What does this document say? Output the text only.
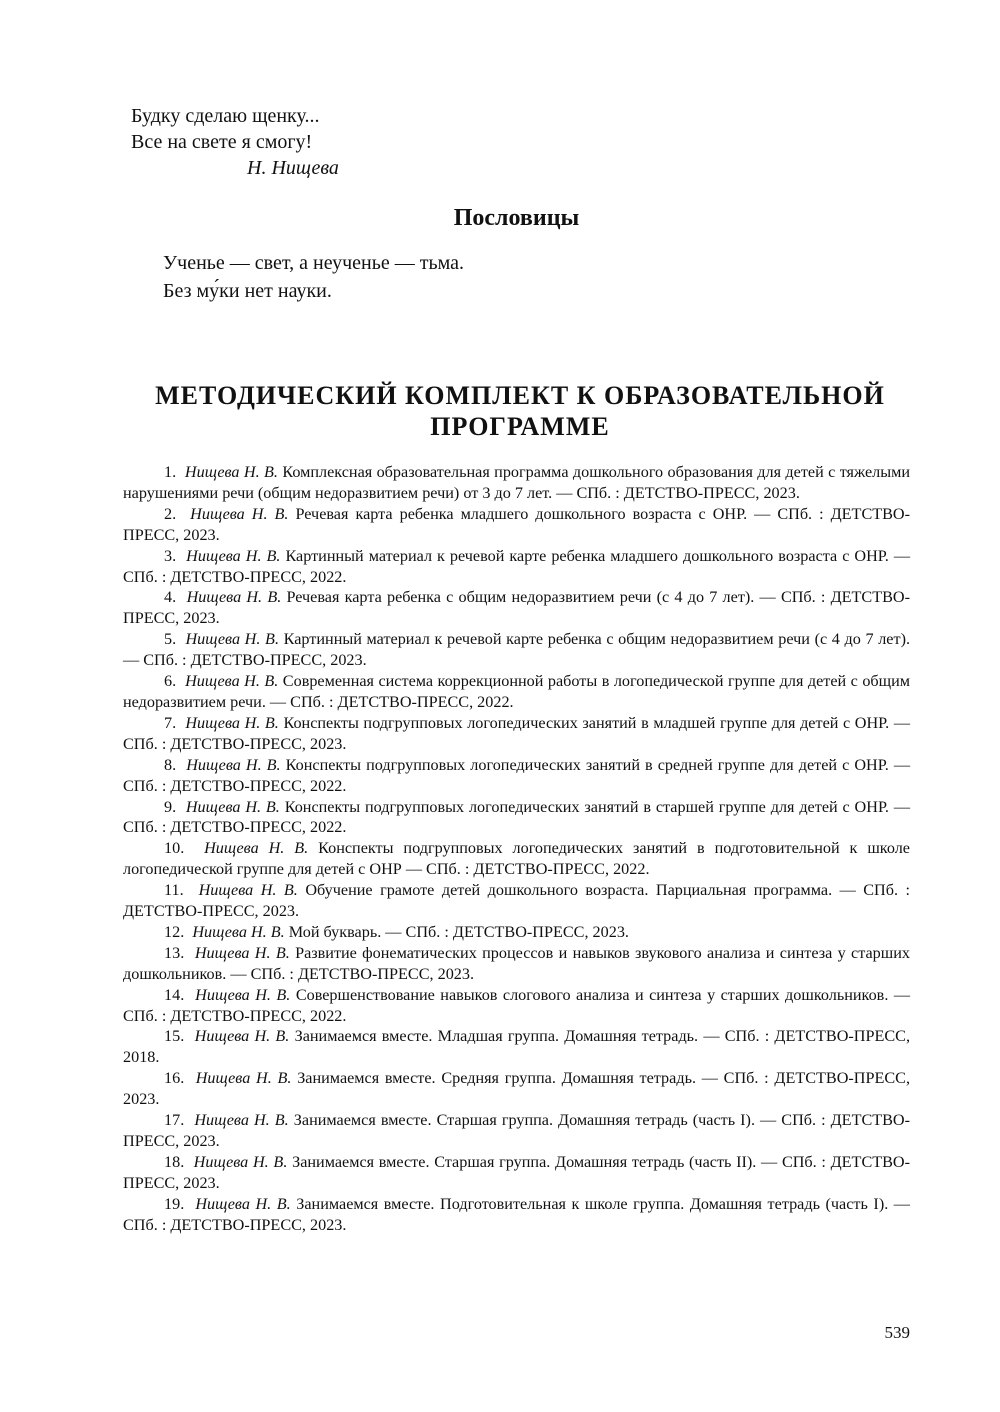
Будку сделаю щенку...
Все на свете я смогу!
Н. Нищева
Пословицы
Ученье — свет, а неученье — тьма.
Без му́ки нет науки.
МЕТОДИЧЕСКИЙ КОМПЛЕКТ К ОБРАЗОВАТЕЛЬНОЙ
ПРОГРАММЕ

1. Нищева Н. В. Комплексная образовательная программа дошкольного образования для детей с тяжелыми нарушениями речи (общим недоразвитием речи) от 3 до 7 лет. — СПб. : ДЕТСТВО-ПРЕСС, 2023.

2. Нищева Н. В. Речевая карта ребенка младшего дошкольного возраста с ОНР. — СПб. : ДЕТСТВО-ПРЕСС, 2023.

3. Нищева Н. В. Картинный материал к речевой карте ребенка младшего дошкольного возраста с ОНР. — СПб. : ДЕТСТВО-ПРЕСС, 2022.

4. Нищева Н. В. Речевая карта ребенка с общим недоразвитием речи (с 4 до 7 лет). — СПб. : ДЕТСТВО-ПРЕСС, 2023.

5. Нищева Н. В. Картинный материал к речевой карте ребенка с общим недоразвитием речи (с 4 до 7 лет). — СПб. : ДЕТСТВО-ПРЕСС, 2023.

6. Нищева Н. В. Современная система коррекционной работы в логопедической группе для детей с общим недоразвитием речи. — СПб. : ДЕТСТВО-ПРЕСС, 2022.

7. Нищева Н. В. Конспекты подгрупповых логопедических занятий в младшей группе для детей с ОНР. — СПб. : ДЕТСТВО-ПРЕСС, 2023.

8. Нищева Н. В. Конспекты подгрупповых логопедических занятий в средней группе для детей с ОНР. — СПб. : ДЕТСТВО-ПРЕСС, 2022.

9. Нищева Н. В. Конспекты подгрупповых логопедических занятий в старшей группе для детей с ОНР. — СПб. : ДЕТСТВО-ПРЕСС, 2022.

10. Нищева Н. В. Конспекты подгрупповых логопедических занятий в подготовительной к школе логопедической группе для детей с ОНР — СПб. : ДЕТСТВО-ПРЕСС, 2022.

11. Нищева Н. В. Обучение грамоте детей дошкольного возраста. Парциальная программа. — СПб. : ДЕТСТВО-ПРЕСС, 2023.

12. Нищева Н. В. Мой букварь. — СПб. : ДЕТСТВО-ПРЕСС, 2023.

13. Нищева Н. В. Развитие фонематических процессов и навыков звукового анализа и синтеза у старших дошкольников. — СПб. : ДЕТСТВО-ПРЕСС, 2023.

14. Нищева Н. В. Совершенствование навыков слогового анализа и синтеза у старших дошкольников. — СПб. : ДЕТСТВО-ПРЕСС, 2022.

15. Нищева Н. В. Занимаемся вместе. Младшая группа. Домашняя тетрадь. — СПб. : ДЕТСТВО-ПРЕСС, 2018.

16. Нищева Н. В. Занимаемся вместе. Средняя группа. Домашняя тетрадь. — СПб. : ДЕТСТВО-ПРЕСС, 2023.

17. Нищева Н. В. Занимаемся вместе. Старшая группа. Домашняя тетрадь (часть I). — СПб. : ДЕТСТВО-ПРЕСС, 2023.

18. Нищева Н. В. Занимаемся вместе. Старшая группа. Домашняя тетрадь (часть II). — СПб. : ДЕТСТВО-ПРЕСС, 2023.

19. Нищева Н. В. Занимаемся вместе. Подготовительная к школе группа. Домашняя тетрадь (часть I). — СПб. : ДЕТСТВО-ПРЕСС, 2023.

539
